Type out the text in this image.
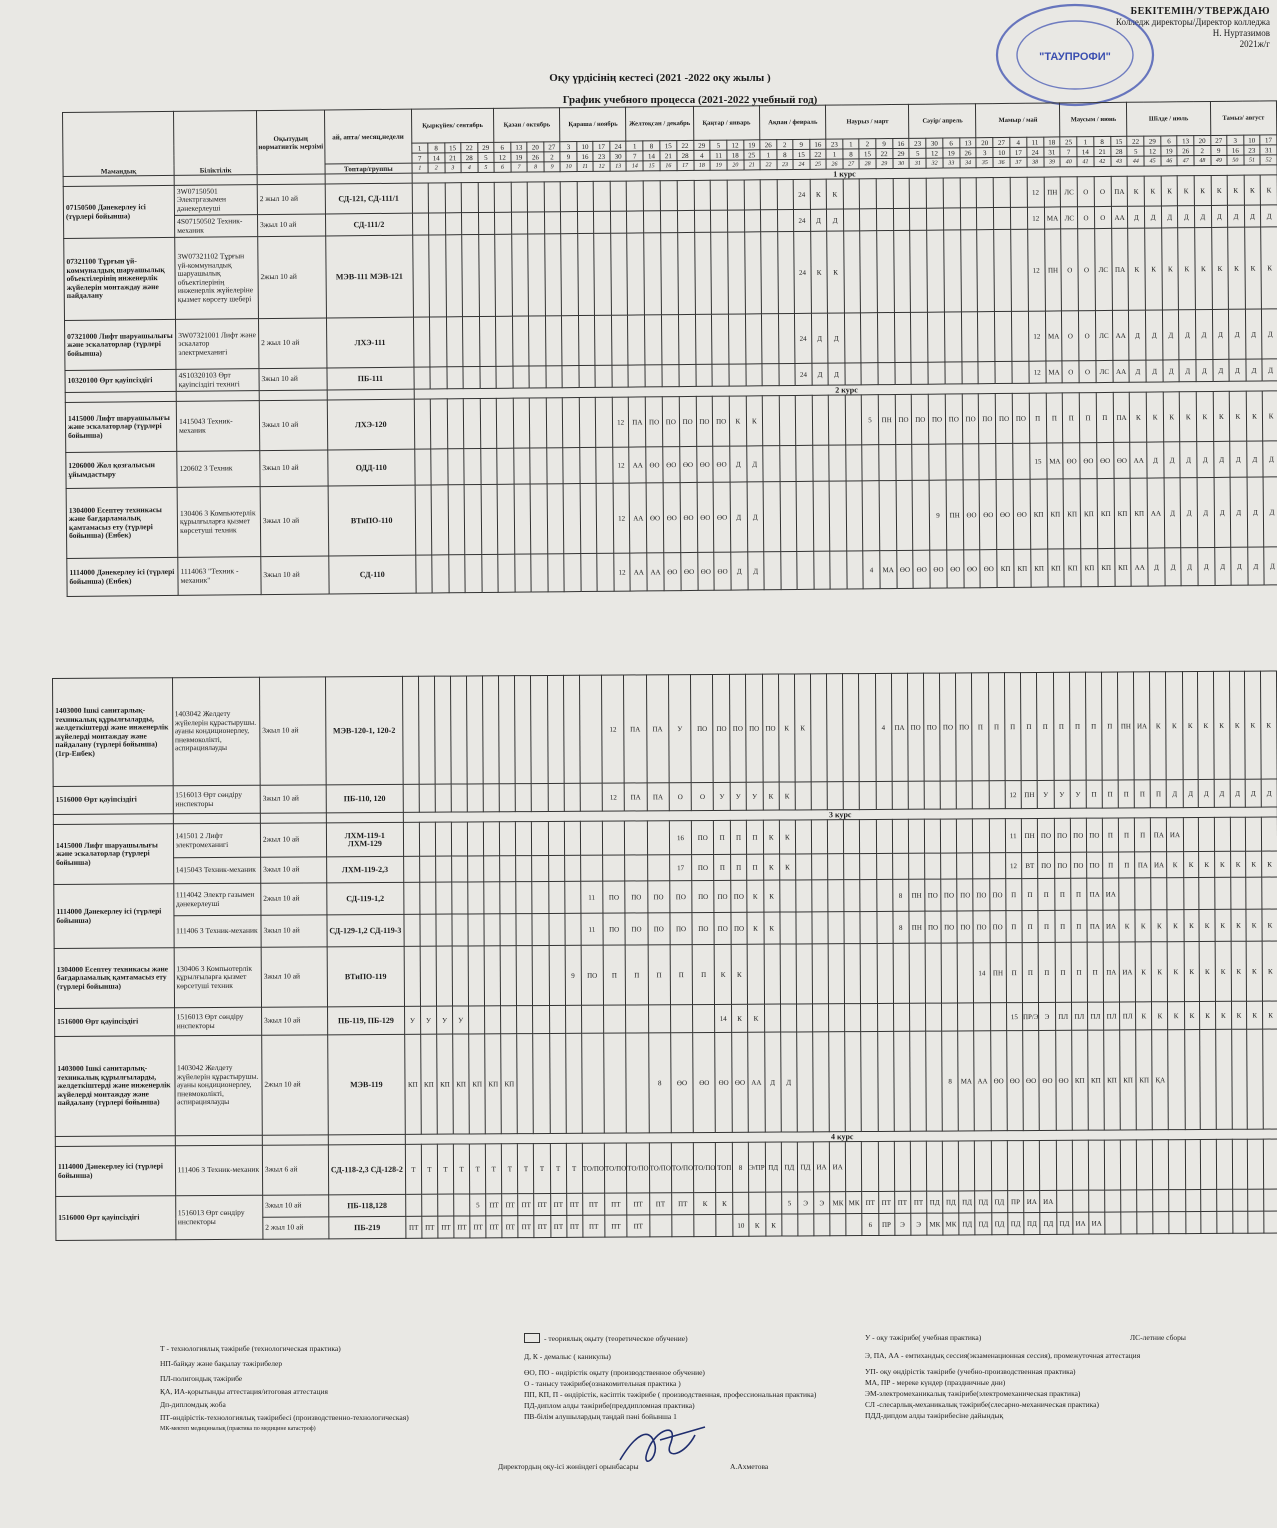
БЕКІТЕМІН/УТВЕРЖДАЮ
Колледж директоры/Директор колледжа
Н. Нуртазимов
2021ж/г
"ТАУПРОФИ"
Оқу үрдісінің кестесі (2021 -2022 оқу жылы )
График учебного процесса (2021-2022 учебный год)
Мамандық	Біліктілік	Оқытудың нормативтік мерзімі	ай, апта/ месяц,недели	Қыркүйек/ сентябрь					Қазан / октябрь				Қараша / ноябрь				Желтоқсан / декабрь				Қаңтар / январь				Ақпан / февраль				Наурыз / март					Сәуір/ апрель				Мамыр / май					Маусым / июнь				Шілде / июль					Тамыз/ август			
				1	8	15	22	29	6	13	20	27	3	10	17	24	1	8	15	22	29	5	12	19	26	2	9	16	23	1	2	9	16	23	30	6	13	20	27	4	11	18	25	1	8	15	22	29	6	13	20	27	3	10	17
				7	14	21	28	5	12	19	26	2	9	16	23	30	7	14	21	28	4	11	18	25	1	8	15	22	1	8	15	22	29	5	12	19	26	3	10	17	24	31	7	14	21	28	5	12	19	26	2	9	16	23	31
			Топтар/группы	1	2	3	4	5	6	7	8	9	10	11	12	13	14	15	16	17	18	19	20	21	22	23	24	25	26	27	28	29	30	31	32	33	34	35	36	37	38	39	40	41	42	43	44	45	46	47	48	49	50	51	52
				1 курс																																																			
07150500 Дәнекерлеу ісі (түрлері бойынша)	3W07150501 Электргазымен дәнекерлеуші	2 жыл 10 ай	СД-121, СД-111/1																								24	К	К												12	ПН	ЛС	О	О	ПА	К	К	К	К	К	К	К	К	К
	4S07150502 Техник-механик	3жыл 10 ай	СД-111/2																								24	Д	Д												12	МА	ЛС	О	О	АА	Д	Д	Д	Д	Д	Д	Д	Д	Д
07321100 Тұрғын үй-коммуналдық шаруашылық объектілерінің инженерлік жүйелерін монтаждау және пайдалану	3W07321102 Тұрғын үй-коммуналдық шаруашылық объектілерінің инженерлік жүйелеріне қызмет көрсету шебері	2жыл 10 ай	МЭВ-111 МЭВ-121																								24	К	К												12	ПН	О	О	ЛС	ПА	К	К	К	К	К	К	К	К	К
07321000 Лифт шаруашылығы және эскалаторлар (түрлері бойынша)	3W07321001 Лифт және эскалатор электрмеханигі	2 жыл 10 ай	ЛХЭ-111																								24	Д	Д												12	МА	О	О	ЛС	АА	Д	Д	Д	Д	Д	Д	Д	Д	Д
10320100 Өрт қауіпсіздігі	4S10320103 Өрт қауіпсіздігі технигі	3жыл 10 ай	ПБ-111																								24	Д	Д												12	МА	О	О	ЛС	АА	Д	Д	Д	Д	Д	Д	Д	Д	Д
				2 курс																																																			
1415000 Лифт шаруашылығы және эскалаторлар (түрлері бойынша)	1415043 Техник-механик	3жыл 10 ай	ЛХЭ-120													12	ПА	ПО	ПО	ПО	ПО	ПО	К	К							5	ПН	ПО	ПО	ПО	ПО	ПО	ПО	ПО	ПО	П	П	П	П	П	ПА	К	К	К	К	К	К	К	К	К
1206000 Жол қозғалысын ұйымдастыру	120602 3 Техник	3жыл 10 ай	ОДД-110													12	АА	ӨО	ӨО	ӨО	ӨО	ӨО	Д	Д																	15	МА	ӨО	ӨО	ӨО	ӨО	АА	Д	Д	Д	Д	Д	Д	Д	Д
1304000 Есептеу техникасы және бағдарламалық қамтамасыз ету (түрлері бойынша) (Енбек)	130406 3 Компьютерлік құрылғыларға қызмет көрсетуші техник	3жыл 10 ай	ВТиПО-110													12	АА	ӨО	ӨО	ӨО	ӨО	ӨО	Д	Д											9	ПН	ӨО	ӨО	ӨО	ӨО	КП	КП	КП	КП	КП	КП	КП	АА	Д	Д	Д	Д	Д	Д	Д
1114000 Дәнекерлеу ісі (түрлері бойынша) (Енбек)	1114063 "Техник - механик"	3жыл 10 ай	СД-110													12	АА	АА	ӨО	ӨО	ӨО	ӨО	Д	Д							4	МА	ӨО	ӨО	ӨО	ӨО	ӨО	ӨО	КП	КП	КП	КП	КП	КП	КП	КП	АА	Д	Д	Д	Д	Д	Д	Д	Д
1403000 Ішкі санитарлық-техникалық құрылғыларды, желдеткіштерді және инженерлік жүйелерді монтаждау және пайдалану (түрлері бойынша) (1гр-Енбек)	1403042 Желдету жүйелерін құрастырушы. ауаны кондиционерлеу, пневмоколікті, аспирациялауды	3жыл 10 ай	МЭВ-120-1, 120-2													12	ПА	ПА	У	ПО	ПО	ПО	ПО	ПО	К	К					4	ПА	ПО	ПО	ПО	ПО	П	П	П	П	П	П	П	П	П	ПН	ИА	К	К	К	К	К	К	К	К
1516000 Өрт қауіпсіздігі	1516013 Өрт сөндіру инспекторы	3жыл 10 ай	ПБ-110, 120													12	ПА	ПА	О	О	У	У	У	К	К														12	ПН	У	У	У	П	П	П	П	П	Д	Д	Д	Д	Д	Д	Д
				3 курс																																																			
1415000 Лифт шаруашылығы және эскалаторлар (түрлері бойынша)	141501 2 Лифт электромеханигі	2жыл 10 ай	ЛХМ-119-1 ЛХМ-129																16	ПО	П	П	П	К	К														11	ПН	ПО	ПО	ПО	ПО	П	П	П	ПА	ИА						
	1415043 Техник-механик	3жыл 10 ай	ЛХМ-119-2,3																17	ПО	П	П	П	К	К														12	ВТ	ПО	ПО	ПО	ПО	П	П	ПА	ИА	К	К	К	К	К	К	К
1114000 Дәнекерлеу ісі (түрлері бойынша)	1114042 Электр газымен дәнекерлеуші	2жыл 10 ай	СД-119-1,2												11	ПО	ПО	ПО	ПО	ПО	ПО	ПО	К	К								8	ПН	ПО	ПО	ПО	ПО	ПО	П	П	П	П	П	ПА	ИА										
	111406 3 Техник-механик	3жыл 10 ай	СД-129-1,2 СД-119-3												11	ПО	ПО	ПО	ПО	ПО	ПО	ПО	К	К								8	ПН	ПО	ПО	ПО	ПО	ПО	П	П	П	П	П	ПА	ИА	К	К	К	К	К	К	К	К	К	К
1304000 Есептеу техникасы және бағдарламалық қамтамасыз ету (түрлері бойынша)	130406 3 Компьютерлік құрылғыларға қызмет көрсетуші техник	3жыл 10 ай	ВТиПО-119											9	ПО	П	П	П	П	П	К	К															14	ПН	П	П	П	П	П	П	ПА	ИА	К	К	К	К	К	К	К	К	К
1516000 Өрт қауіпсіздігі	1516013 Өрт сөндіру инспекторы	3жыл 10 ай	ПБ-119, ПБ-129	У	У	У	У														14	К	К																15	ПР/Э	Э	ПЛ	ПЛ	ПЛ	ПЛ	ПЛ	К	К	К	К	К	К	К	К	К
1403000 Ішкі санитарлық-техникалық құрылғыларды, желдеткіштерді және инженерлік жүйелерді монтаждау және пайдалану (түрлері бойынша)	1403042 Желдету жүйелерін құрастырушы. ауаны кондиционерлеу, пневмоколікті, аспирациялауды	2жыл 10 ай	МЭВ-119	КП	КП	КП	КП	КП	КП	КП								8	ӨО	ӨО	ӨО	ӨО	АА	Д	Д										8	МА	АА	ӨО	ӨО	ӨО	ӨО	ӨО	КП	КП	КП	КП	КП	ҚА							
				4 курс																																																			
1114000 Дәнекерлеу ісі (түрлері бойынша)	111406 3 Техник-механик	3жыл 6 ай	СД-118-2,3 СД-128-2	Т	Т	Т	Т	Т	Т	Т	Т	Т	Т	Т	ТО/ПО	ТО/ПО	ТО/ПО	ТО/ПО	ТО/ПО	ТО/ПО	ТОП	8	Э/ПР	ПД	ПД	ПД	ИА	ИА																											
1516000 Өрт қауіпсіздігі	1516013 Өрт сөндіру инспекторы	3жыл 10 ай	ПБ-118,128					5	ПТ	ПТ	ПТ	ПТ	ПТ	ПТ	ПТ	ПТ	ПТ	ПТ	ПТ	К	К				5	Э	Э	МК	МК	ПТ	ПТ	ПТ	ПТ	ПД	ПД	ПД	ПД	ПД	ПР	ИА	ИА														
		2 жыл 10 ай	ПБ-219	ПТ	ПТ	ПТ	ПТ	ПТ	ПТ	ПТ	ПТ	ПТ	ПТ	ПТ	ПТ	ПТ	ПТ					10	К	К						6	ПР	Э	Э	МК	МК	ПД	ПД	ПД	ПД	ПД	ПД	ПД	ИА	ИА											
Т - технологиялық тәжірибе (технологическая практика)
НП-байқау және бақылау тәжірибелер
ПЛ-полигондық тәжірибе
ҚА, ИА-қорытынды аттестация/итоговая аттестация
Дп-дипломдық жоба
ПТ-өндірістік-технологиялық тәжірибесі (производственно-технологическая)
МК-мектеп медициналық (практика по медицине катастроф)
- теориялық оқыту (теоретическое обучение)
Д, К - демалыс ( каникулы)
ӨО, ПО - өндірістік оқыту (производственное обучение)
О - танысу тәжірибе(ознакомительная практика )
ПП, КП, П - өндірістік, кәсіптік тәжірибе ( производственная, профессиональная практика)
ПД-диплом алды тәжірибе(преддипломная практика)
ПВ-білім алушылардың таңдай пәні бойынша 1
У - оқу тәжірибе( учебная практика)
Э, ПА, АА - емтихандық сессия(экзаменационная сессия), промежуточная аттестация
УП- оқу өндірістік тәжірибе (учебно-производственная практика)
МА, ПР - мереке күндер (праздничные дни)
ЭМ-электромеханикалық тәжірибе(электромеханическая практика)
СЛ -слесарлық-механикалық тәжірибе(слесарно-механическая практика)
ПДД-дипдом алды тәжірибесіне дайындық
ЛС-летние сборы
Директордың оқу-ісі жөніндегі орынбасары	А.Ахметова
